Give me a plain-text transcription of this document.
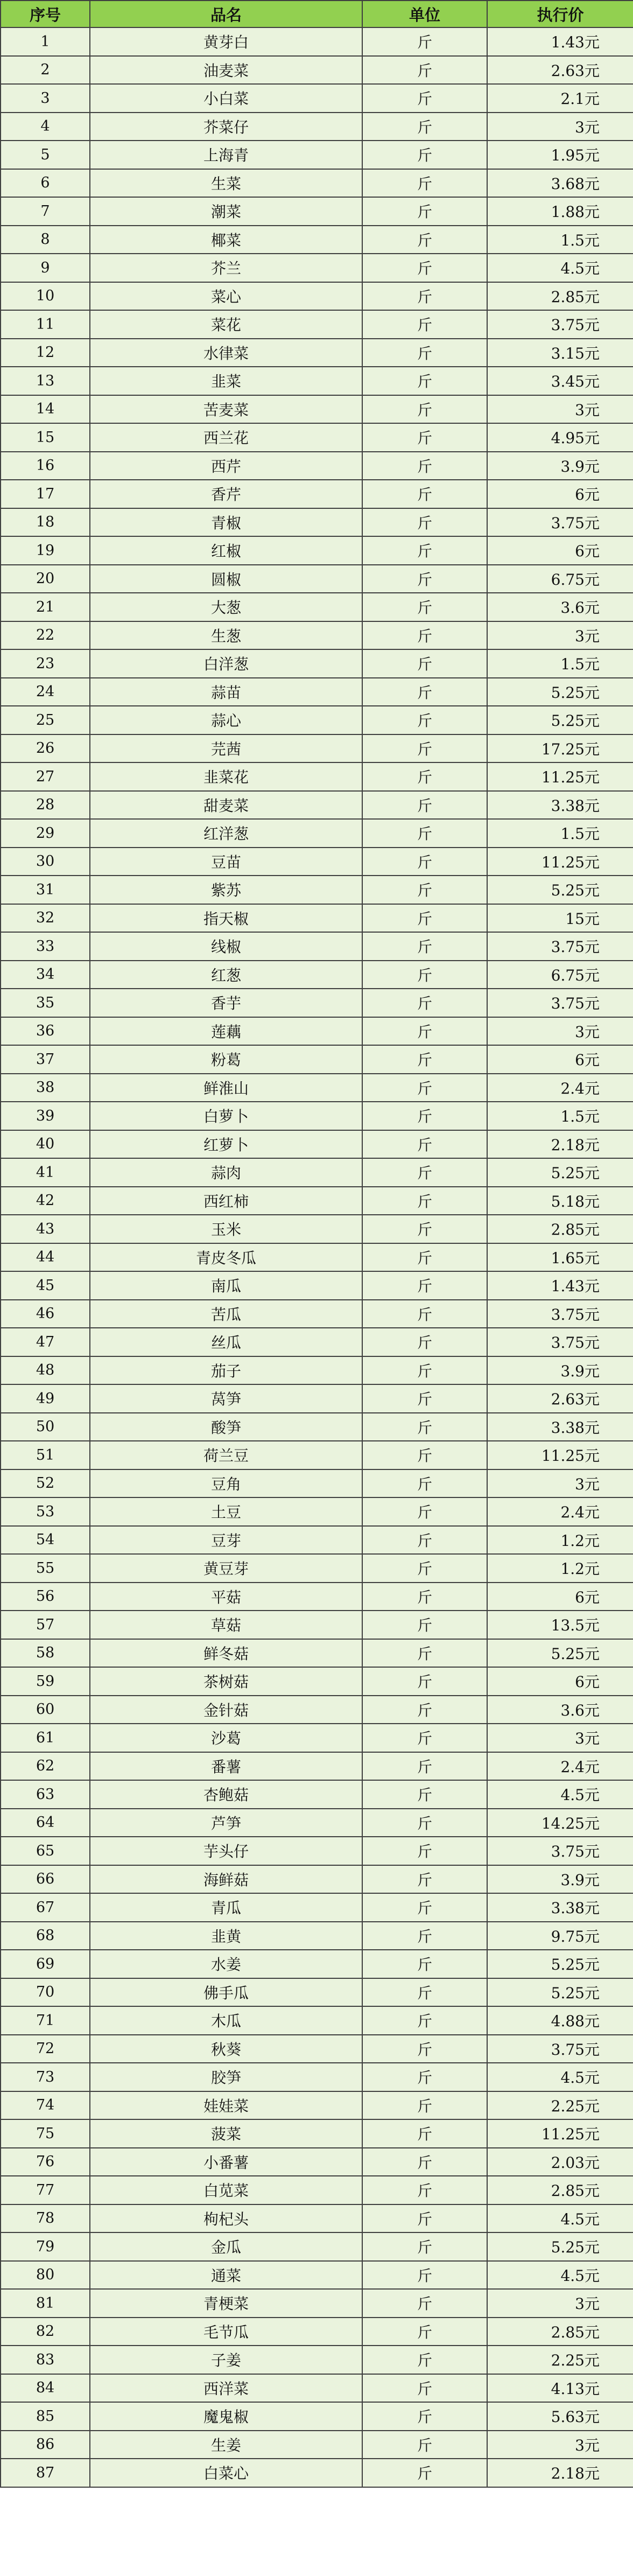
序号	品名	单位	执行价
1	黄芽白	斤	1.43元
2	油麦菜	斤	2.63元
3	小白菜	斤	2.1元
4	芥菜仔	斤	3元
5	上海青	斤	1.95元
6	生菜	斤	3.68元
7	潮菜	斤	1.88元
8	椰菜	斤	1.5元
9	芥兰	斤	4.5元
10	菜心	斤	2.85元
11	菜花	斤	3.75元
12	水律菜	斤	3.15元
13	韭菜	斤	3.45元
14	苦麦菜	斤	3元
15	西兰花	斤	4.95元
16	西芹	斤	3.9元
17	香芹	斤	6元
18	青椒	斤	3.75元
19	红椒	斤	6元
20	圆椒	斤	6.75元
21	大葱	斤	3.6元
22	生葱	斤	3元
23	白洋葱	斤	1.5元
24	蒜苗	斤	5.25元
25	蒜心	斤	5.25元
26	芫茜	斤	17.25元
27	韭菜花	斤	11.25元
28	甜麦菜	斤	3.38元
29	红洋葱	斤	1.5元
30	豆苗	斤	11.25元
31	紫苏	斤	5.25元
32	指天椒	斤	15元
33	线椒	斤	3.75元
34	红葱	斤	6.75元
35	香芋	斤	3.75元
36	莲藕	斤	3元
37	粉葛	斤	6元
38	鲜淮山	斤	2.4元
39	白萝卜	斤	1.5元
40	红萝卜	斤	2.18元
41	蒜肉	斤	5.25元
42	西红柿	斤	5.18元
43	玉米	斤	2.85元
44	青皮冬瓜	斤	1.65元
45	南瓜	斤	1.43元
46	苦瓜	斤	3.75元
47	丝瓜	斤	3.75元
48	茄子	斤	3.9元
49	莴笋	斤	2.63元
50	酸笋	斤	3.38元
51	荷兰豆	斤	11.25元
52	豆角	斤	3元
53	土豆	斤	2.4元
54	豆芽	斤	1.2元
55	黄豆芽	斤	1.2元
56	平菇	斤	6元
57	草菇	斤	13.5元
58	鲜冬菇	斤	5.25元
59	茶树菇	斤	6元
60	金针菇	斤	3.6元
61	沙葛	斤	3元
62	番薯	斤	2.4元
63	杏鲍菇	斤	4.5元
64	芦笋	斤	14.25元
65	芋头仔	斤	3.75元
66	海鲜菇	斤	3.9元
67	青瓜	斤	3.38元
68	韭黄	斤	9.75元
69	水姜	斤	5.25元
70	佛手瓜	斤	5.25元
71	木瓜	斤	4.88元
72	秋葵	斤	3.75元
73	胶笋	斤	4.5元
74	娃娃菜	斤	2.25元
75	菠菜	斤	11.25元
76	小番薯	斤	2.03元
77	白苋菜	斤	2.85元
78	枸杞头	斤	4.5元
79	金瓜	斤	5.25元
80	通菜	斤	4.5元
81	青梗菜	斤	3元
82	毛节瓜	斤	2.85元
83	子姜	斤	2.25元
84	西洋菜	斤	4.13元
85	魔鬼椒	斤	5.63元
86	生姜	斤	3元
87	白菜心	斤	2.18元
